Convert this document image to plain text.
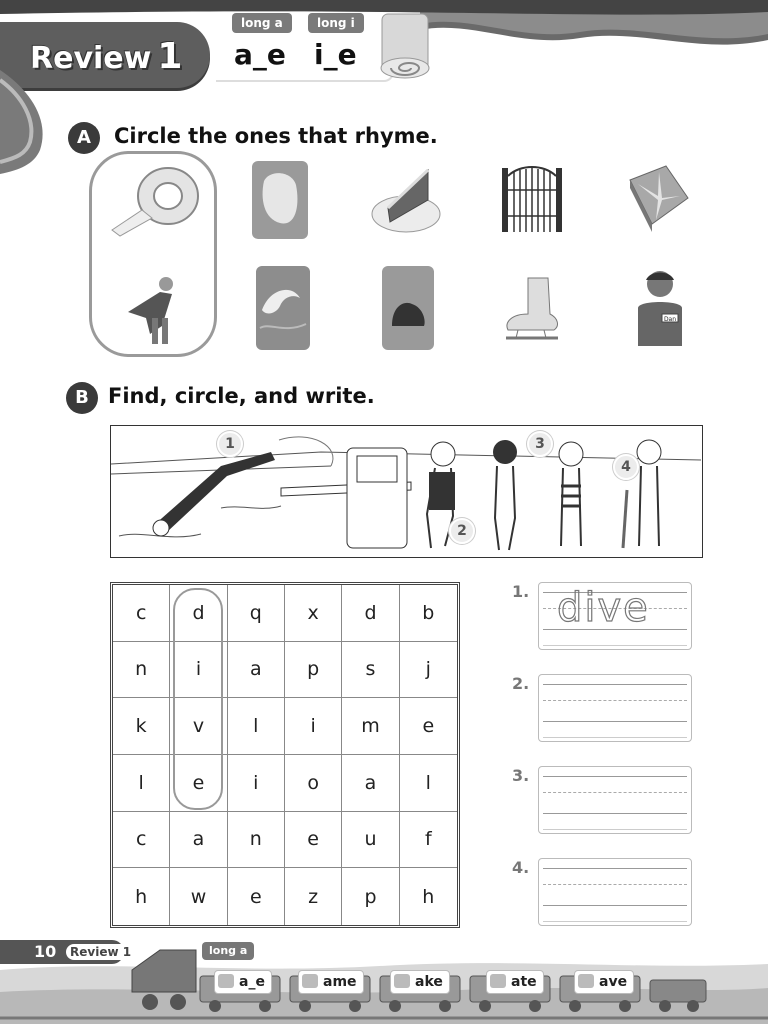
Review 1
long a	long i
a_e i_e
A	Circle the ones that rhyme.
Dan
B Find, circle, and write.
1
2
3
4
c	d	q	x	d	b
n	i	a	p	s	j
k	v	l	i	m	e
l	e	i	o	a	l
c	a	n	e	u	f
h	w	e	z	p	h
1. dive
2.
3.
4.
10	Review 1	long a
a_e	ame	ake	ate	ave
